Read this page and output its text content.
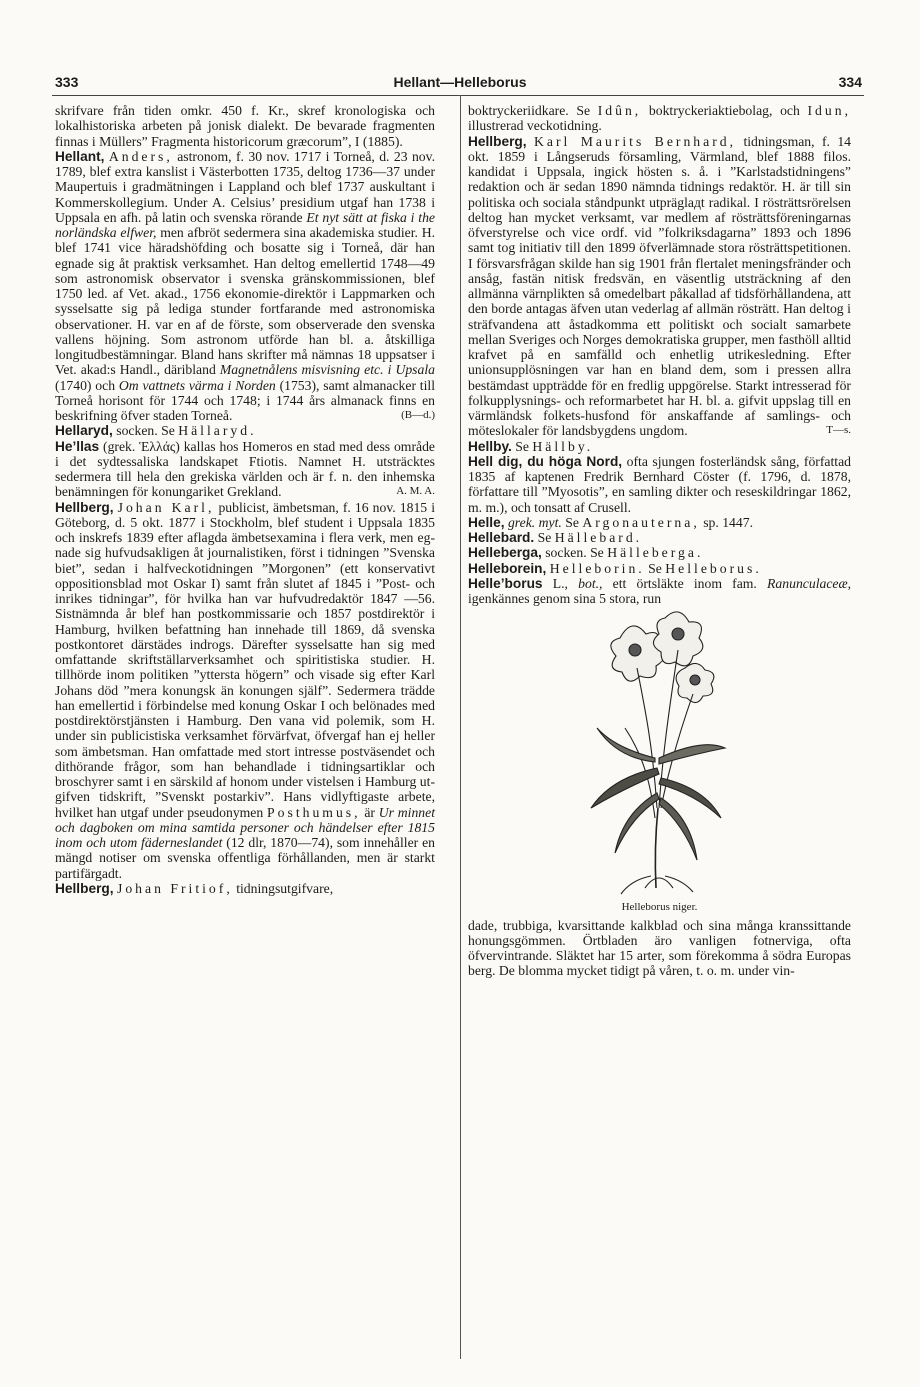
333	Hellant—Helleborus	334

skrifvare från tiden omkr. 450 f. Kr., skref kronologiska och lokalhistoriska arbeten på jonisk dialekt. De bevarade fragmenten finnas i Müllers” Fragmenta historicorum græcorum”, I (1885).

Hellant, Anders, astronom, f. 30 nov. 1717 i Torneå, d. 23 nov. 1789, blef extra kanslist i Västerbotten 1735, deltog 1736—37 under Maupertuis i gradmätningen i Lappland och blef 1737 auskultant i Kommerskollegium. Under A. Celsius’ presidium utgaf han 1738 i Uppsala en afh. på latin och svenska rörande Et nyt sätt at fiska i the norländska elfwer, men afbröt sedermera sina akademiska studier. H. blef 1741 vice häradshöfding och bosatte sig i Torneå, där han egnade sig åt praktisk verksamhet. Han deltog emellertid 1748—49 som astronomisk observator i svenska gränskommissionen, blef 1750 led. af Vet. akad., 1756 ekonomie-direktör i Lappmarken och sysselsatte sig på lediga stunder fortfarande med astronomiska observationer. H. var en af de förste, som observerade den svenska vallens höjning. Som astronom utförde han bl. a. åtskilliga longitudbestämningar. Bland hans skrifter må nämnas 18 uppsatser i Vet. akad:s Handl., däribland Magnetnålens misvisning etc. i Upsala (1740) och Om vattnets värma i Norden (1753), samt almanacker till Torneå horisont för 1744 och 1748; i 1744 års almanack finns en beskrifning öfver staden Torneå.	(B—d.)

Hellaryd, socken. Se Hällaryd.

He’llas (grek. Ἑλλάς) kallas hos Homeros en stad med dess område i det sydtessaliska landskapet Ftiotis. Namnet H. utsträcktes sedermera till hela den grekiska världen och är f. n. den inhemska benämningen för konungariket Grekland.	A. M. A.

Hellberg, Johan Karl, publicist, ämbetsman, f. 16 nov. 1815 i Göteborg, d. 5 okt. 1877 i Stockholm, blef student i Uppsala 1835 och inskrefs 1839 efter aflagda ämbetsexamina i flera verk, men egnade sig hufvudsakligen åt journalistiken, först i tidningen ”Svenska biet”, sedan i halfveckotidningen ”Morgonen” (ett konservativt oppositionsblad mot Oskar I) samt från slutet af 1845 i ”Post- och inrikes tidningar”, för hvilka han var hufvudredaktör 1847 —56. Sistnämnda år blef han postkommissarie och 1857 postdirektör i Hamburg, hvilken befattning han innehade till 1869, då svenska postkontoret därstädes indrogs. Därefter sysselsatte han sig med omfattande skriftställarverksamhet och spiritistiska studier. H. tillhörde inom politiken ”yttersta högern” och visade sig efter Karl Johans död ”mera konungsk än konungen själf”. Sedermera trädde han emellertid i förbindelse med konung Oskar I och belönades med postdirektörstjänsten i Hamburg. Den vana vid polemik, som H. under sin publicistiska verksamhet förvärfvat, öfvergaf han ej heller som ämbetsman. Han omfattade med stort intresse postväsendet och dithörande frågor, som han behandlade i tidningsartiklar och broschyrer samt i en särskild af honom under vistelsen i Hamburg utgifven tidskrift, ”Svenskt postarkiv”. Hans vidlyftigaste arbete, hvilket han utgaf under pseudonymen Posthumus, är Ur minnet och dagboken om mina samtida personer och händelser efter 1815 inom och utom fäderneslandet (12 dlr, 1870—74), som innehåller en mängd notiser om svenska offentliga förhållanden, men är starkt partifärgadt.

Hellberg, Johan Fritiof, tidningsutgifvare,

boktryckeriidkare. Se Idûn, boktryckeriaktiebolag, och Idun, illustrerad veckotidning.

Hellberg, Karl Maurits Bernhard, tidningsman, f. 14 okt. 1859 i Långseruds församling, Värmland, blef 1888 filos. kandidat i Uppsala, ingick hösten s. å. i ”Karlstadstidningens” redaktion och är sedan 1890 nämnda tidnings redaktör. H. är till sin politiska och sociala ståndpunkt utpräglадt radikal. I rösträttsrörelsen deltog han mycket verksamt, var medlem af rösträttsföreningarnas öfverstyrelse och vice ordf. vid ”folkriksdagarna” 1893 och 1896 samt tog initiativ till den 1899 öfverlämnade stora rösträttspetitionen. I försvarsfrågan skilde han sig 1901 från flertalet meningsfränder och ansåg, fastän nitisk fredsvän, en väsentlig utsträckning af den allmänna värnplikten så omedelbart påkallad af tidsförhållandena, att den borde antagas äfven utan vederlag af allmän rösträtt. Han deltog i sträfvandena att åstadkomma ett politiskt och socialt samarbete mellan Sveriges och Norges demokratiska grupper, men fasthöll alltid krafvet på en samfälld och enhetlig utrikesledning. Efter unionsupplösningen var han en bland dem, som i pressen allra bestämdast uppträdde för en fredlig uppgörelse. Starkt intresserad för folkupplysnings- och reformarbetet har H. bl. a. gifvit uppslag till en värmländsk folkets-husfond för anskaffande af samlings- och möteslokaler för landsbygdens ungdom.	T—s.

Hellby. Se Hällby.

Hell dig, du höga Nord, ofta sjungen fosterländsk sång, författad 1835 af kaptenen Fredrik Bernhard Cöster (f. 1796, d. 1878, författare till ”Myosotis”, en samling dikter och reseskildringar 1862, m. m.), och tonsatt af Crusell.

Helle, grek. myt. Se Argonauterna, sp. 1447.

Hellebard. Se Hällebard.

Helleberga, socken. Se Hälleberga.

Helleborein, Helleborin. Se Helleborus.

Helle’borus L., bot., ett örtsläkte inom fam. Ranunculaceæ, igenkännes genom sina 5 stora, run

Helleborus niger.

dade, trubbiga, kvarsittande kalkblad och sina många kranssittande honungsgömmen. Örtbladen äro vanligen fotnerviga, ofta öfvervintrande. Släktet har 15 arter, som förekomma å södra Europas berg. De blomma mycket tidigt på våren, t. o. m. under vin-
